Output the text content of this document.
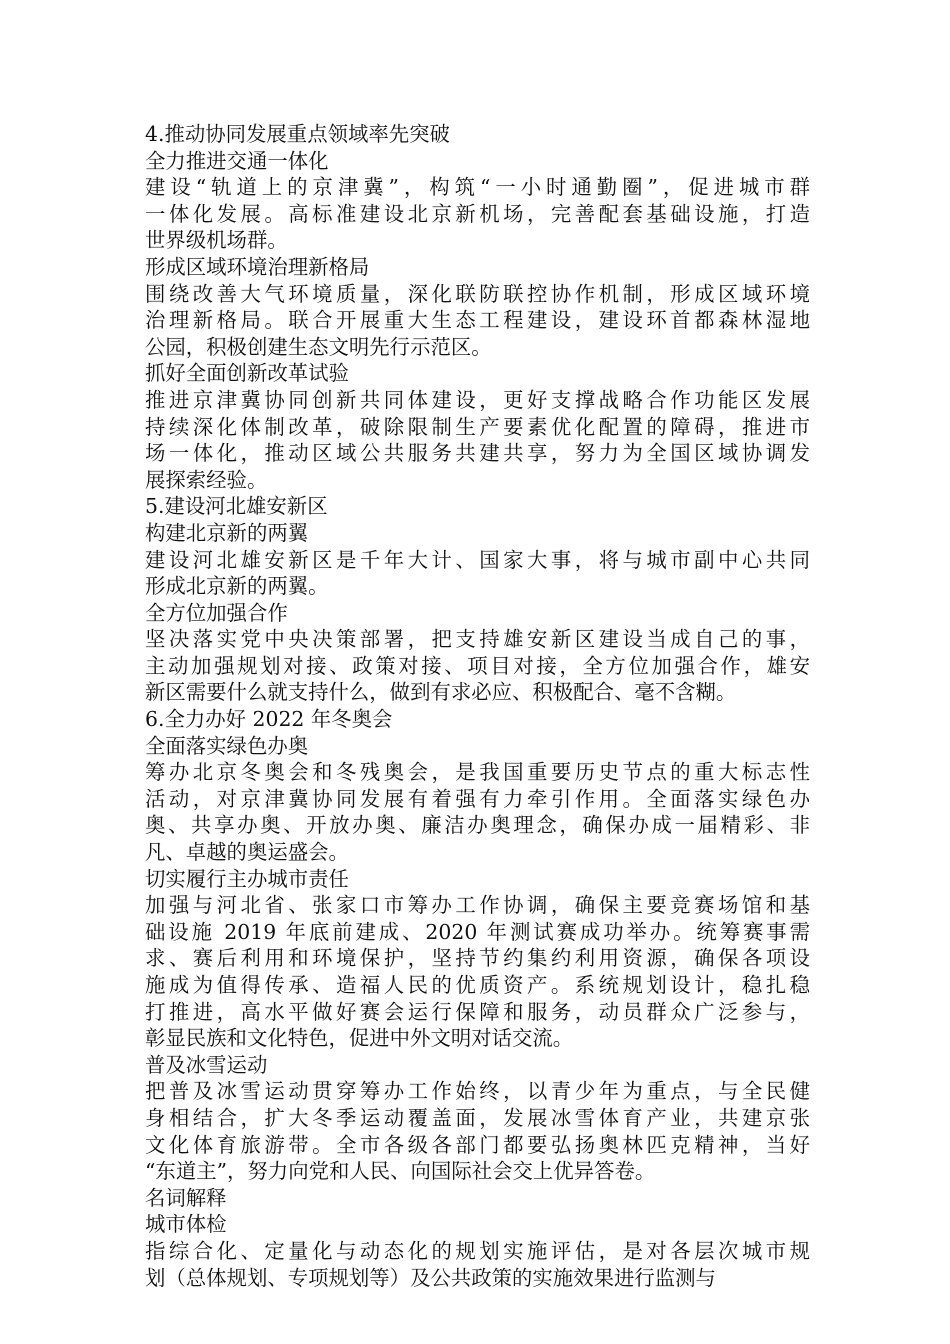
4.推动协同发展重点领域率先突破
全力推进交通一体化
建设“轨道上的京津冀”，构筑“一小时通勤圈”，促进城市群
一体化发展。高标准建设北京新机场，完善配套基础设施，打造
世界级机场群。
形成区域环境治理新格局
围绕改善大气环境质量，深化联防联控协作机制，形成区域环境
治理新格局。联合开展重大生态工程建设，建设环首都森林湿地
公园，积极创建生态文明先行示范区。
抓好全面创新改革试验
推进京津冀协同创新共同体建设，更好支撑战略合作功能区发展
持续深化体制改革，破除限制生产要素优化配置的障碍，推进市
场一体化，推动区域公共服务共建共享，努力为全国区域协调发
展探索经验。
5.建设河北雄安新区
构建北京新的两翼
建设河北雄安新区是千年大计、国家大事，将与城市副中心共同
形成北京新的两翼。
全方位加强合作
坚决落实党中央决策部署，把支持雄安新区建设当成自己的事，
主动加强规划对接、政策对接、项目对接，全方位加强合作，雄安
新区需要什么就支持什么，做到有求必应、积极配合、毫不含糊。
6.全力办好 2022 年冬奥会
全面落实绿色办奥
筹办北京冬奥会和冬残奥会，是我国重要历史节点的重大标志性
活动，对京津冀协同发展有着强有力牵引作用。全面落实绿色办
奥、共享办奥、开放办奥、廉洁办奥理念，确保办成一届精彩、非
凡、卓越的奥运盛会。
切实履行主办城市责任
加强与河北省、张家口市筹办工作协调，确保主要竞赛场馆和基
础设施 2019 年底前建成、2020 年测试赛成功举办。统筹赛事需
求、赛后利用和环境保护，坚持节约集约利用资源，确保各项设
施成为值得传承、造福人民的优质资产。系统规划设计，稳扎稳
打推进，高水平做好赛会运行保障和服务，动员群众广泛参与，
彰显民族和文化特色，促进中外文明对话交流。
普及冰雪运动
把普及冰雪运动贯穿筹办工作始终，以青少年为重点，与全民健
身相结合，扩大冬季运动覆盖面，发展冰雪体育产业，共建京张
文化体育旅游带。全市各级各部门都要弘扬奥林匹克精神，当好
“东道主”，努力向党和人民、向国际社会交上优异答卷。
名词解释
城市体检
指综合化、定量化与动态化的规划实施评估，是对各层次城市规
划（总体规划、专项规划等）及公共政策的实施效果进行监测与
